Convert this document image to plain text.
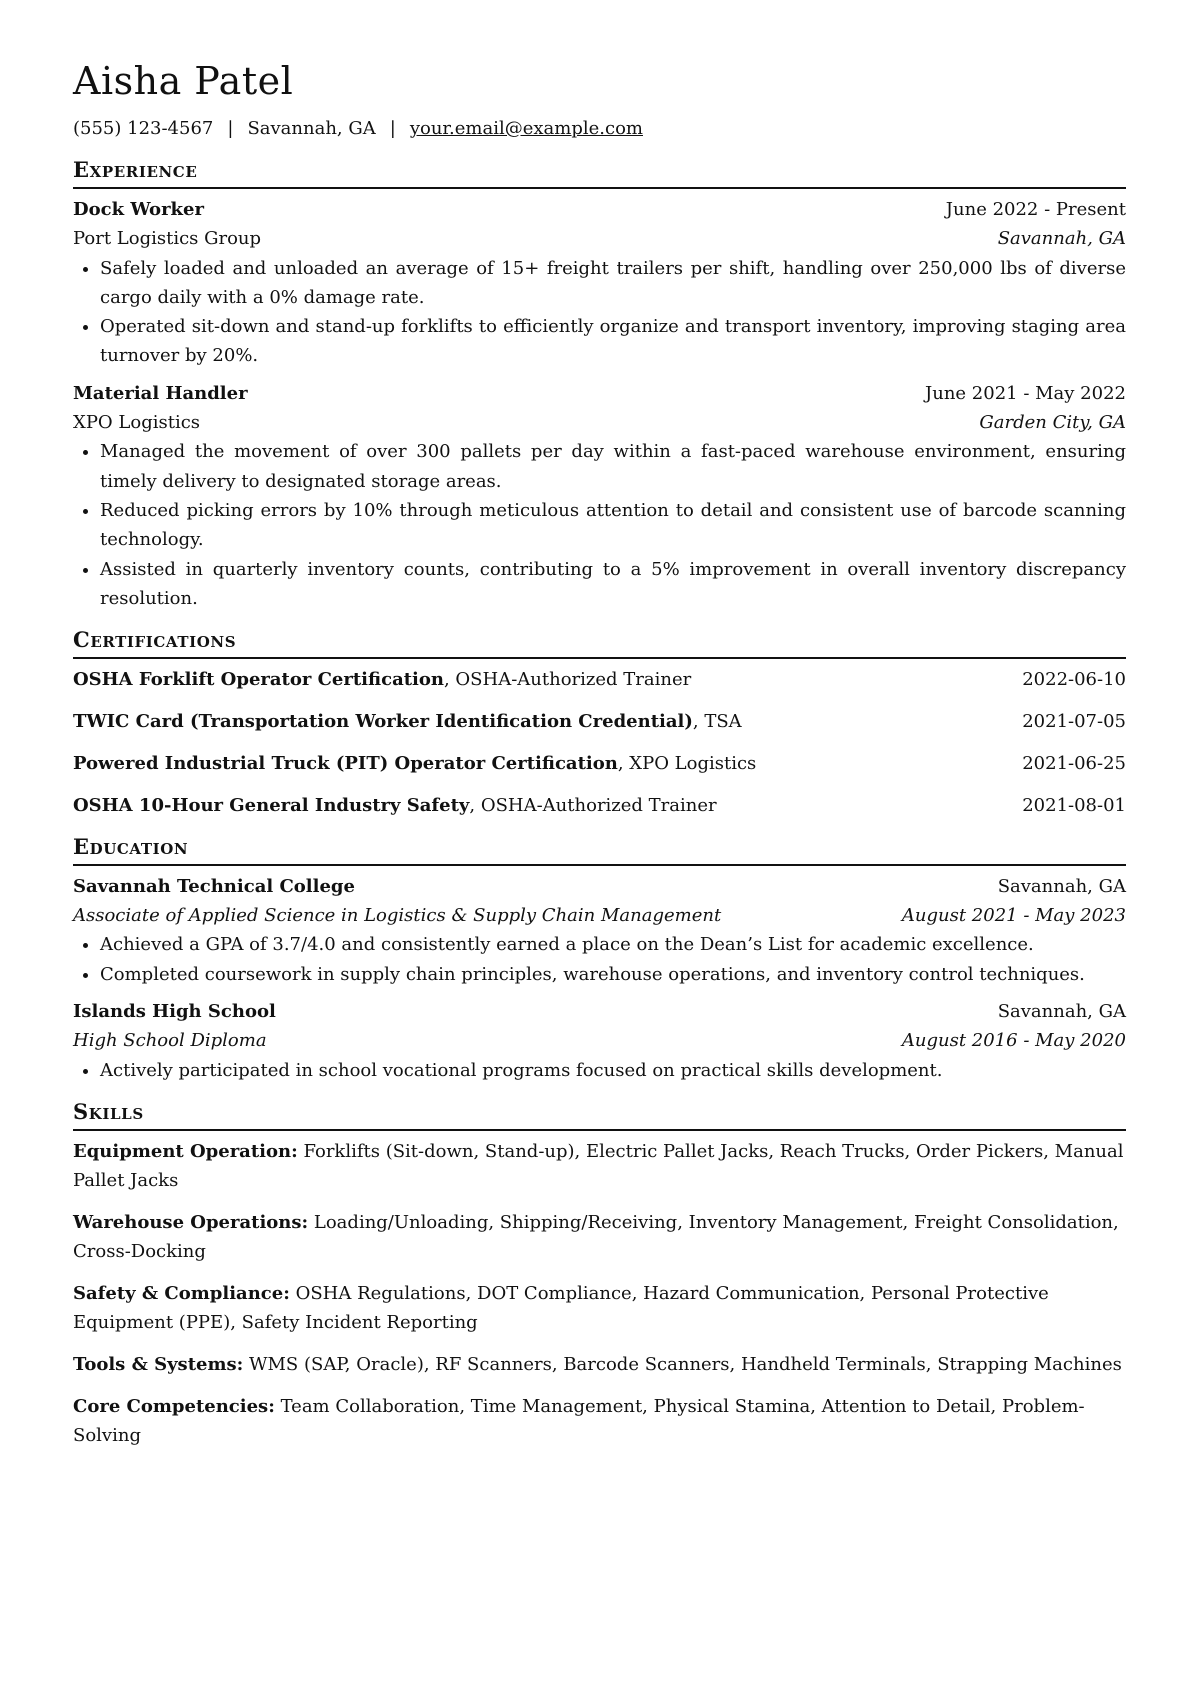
Aisha Patel
(555) 123-4567 | Savannah, GA | your.email@example.com
Experience
Dock Worker	June 2022 - Present
Port Logistics Group	Savannah, GA
• Safely loaded and unloaded an average of 15+ freight trailers per shift, handling over 250,000 lbs of diverse cargo daily with a 0% damage rate.
• Operated sit-down and stand-up forklifts to efficiently organize and transport inventory, improving staging area turnover by 20%.
Material Handler	June 2021 - May 2022
XPO Logistics	Garden City, GA
• Managed the movement of over 300 pallets per day within a fast-paced warehouse environment, ensuring timely delivery to designated storage areas.
• Reduced picking errors by 10% through meticulous attention to detail and consistent use of barcode scanning technology.
• Assisted in quarterly inventory counts, contributing to a 5% improvement in overall inventory discrepancy resolution.
Certifications
OSHA Forklift Operator Certification, OSHA-Authorized Trainer	2022-06-10
TWIC Card (Transportation Worker Identification Credential), TSA	2021-07-05
Powered Industrial Truck (PIT) Operator Certification, XPO Logistics	2021-06-25
OSHA 10-Hour General Industry Safety, OSHA-Authorized Trainer	2021-08-01
Education
Savannah Technical College	Savannah, GA
Associate of Applied Science in Logistics & Supply Chain Management	August 2021 - May 2023
• Achieved a GPA of 3.7/4.0 and consistently earned a place on the Dean’s List for academic excellence.
• Completed coursework in supply chain principles, warehouse operations, and inventory control techniques.
Islands High School	Savannah, GA
High School Diploma	August 2016 - May 2020
• Actively participated in school vocational programs focused on practical skills development.
Skills
Equipment Operation: Forklifts (Sit-down, Stand-up), Electric Pallet Jacks, Reach Trucks, Order Pickers, Manual Pallet Jacks
Warehouse Operations: Loading/Unloading, Shipping/Receiving, Inventory Management, Freight Consolidation, Cross-Docking
Safety & Compliance: OSHA Regulations, DOT Compliance, Hazard Communication, Personal Protective Equipment (PPE), Safety Incident Reporting
Tools & Systems: WMS (SAP, Oracle), RF Scanners, Barcode Scanners, Handheld Terminals, Strapping Machines
Core Competencies: Team Collaboration, Time Management, Physical Stamina, Attention to Detail, Problem-Solving
